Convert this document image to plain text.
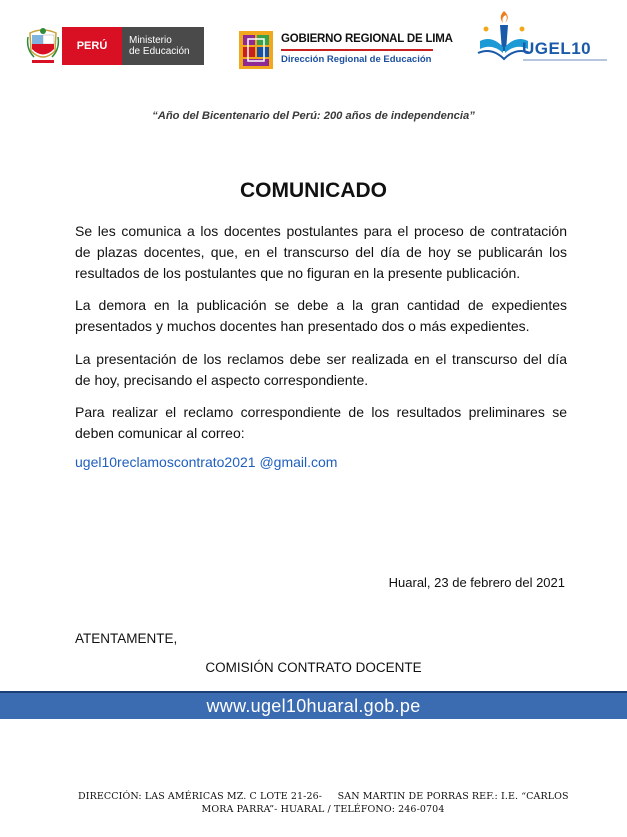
PERÚ	Ministerio
de Educación
GOBIERNO REGIONAL DE LIMA
Dirección Regional de Educación
UGEL10
“Año del Bicentenario del Perú: 200 años de independencia”
COMUNICADO

Se les comunica a los docentes postulantes para el proceso de contratación
de plazas docentes, que, en el transcurso del día de hoy se publicarán los
resultados de los postulantes que no figuran en la presente publicación.

La demora en la publicación se debe a la gran cantidad de expedientes
presentados y muchos docentes han presentado dos o más expedientes.

La presentación de los reclamos debe ser realizada en el transcurso del día
de hoy, precisando el aspecto correspondiente.

Para realizar el reclamo correspondiente de los resultados preliminares se
deben comunicar al correo:

ugel10reclamoscontrato2021 @gmail.com
Huaral, 23 de febrero del 2021
ATENTAMENTE,
COMISIÓN CONTRATO DOCENTE
www.ugel10huaral.gob.pe
DIRECCIÓN: LAS AMÉRICAS MZ. C LOTE 21-26-     SAN MARTIN DE PORRAS REF.: I.E. “CARLOS
MORA PARRA”- HUARAL / TELÉFONO: 246-0704
